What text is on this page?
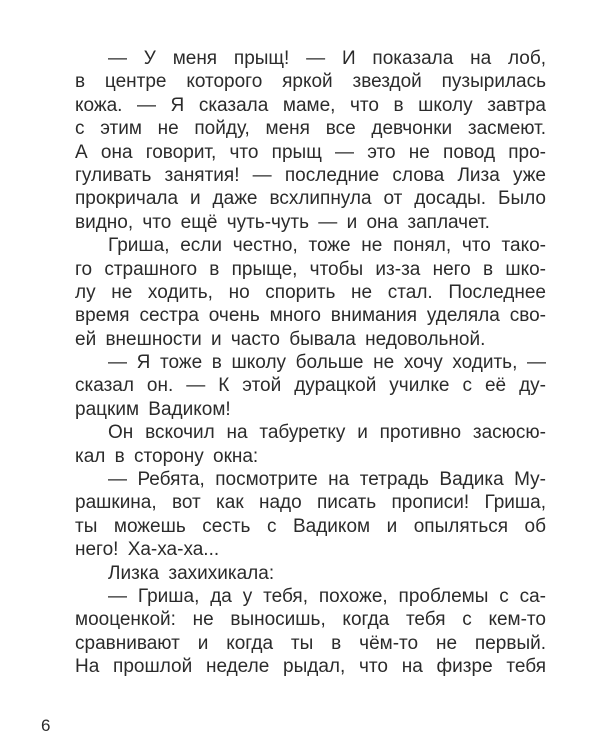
— У меня прыщ! — И показала на лоб,
в центре которого яркой звездой пузырилась
кожа. — Я сказала маме, что в школу завтра
с этим не пойду, меня все девчонки засмеют.
А она говорит, что прыщ — это не повод про-
гуливать занятия! — последние слова Лиза уже
прокричала и даже всхлипнула от досады. Было
видно, что ещё чуть-чуть — и она заплачет.
Гриша, если честно, тоже не понял, что тако-
го страшного в прыще, чтобы из-за него в шко-
лу не ходить, но спорить не стал. Последнее
время сестра очень много внимания уделяла сво-
ей внешности и часто бывала недовольной.
— Я тоже в школу больше не хочу ходить, —
сказал он. — К этой дурацкой училке с её ду-
рацким Вадиком!
Он вскочил на табуретку и противно засюсю-
кал в сторону окна:
— Ребята, посмотрите на тетрадь Вадика Му-
рашкина, вот как надо писать прописи! Гриша,
ты можешь сесть с Вадиком и опыляться об
него! Ха-ха-ха...
Лизка захихикала:
— Гриша, да у тебя, похоже, проблемы с са-
мооценкой: не выносишь, когда тебя с кем-то
сравнивают и когда ты в чём-то не первый.
На прошлой неделе рыдал, что на физре тебя
6
